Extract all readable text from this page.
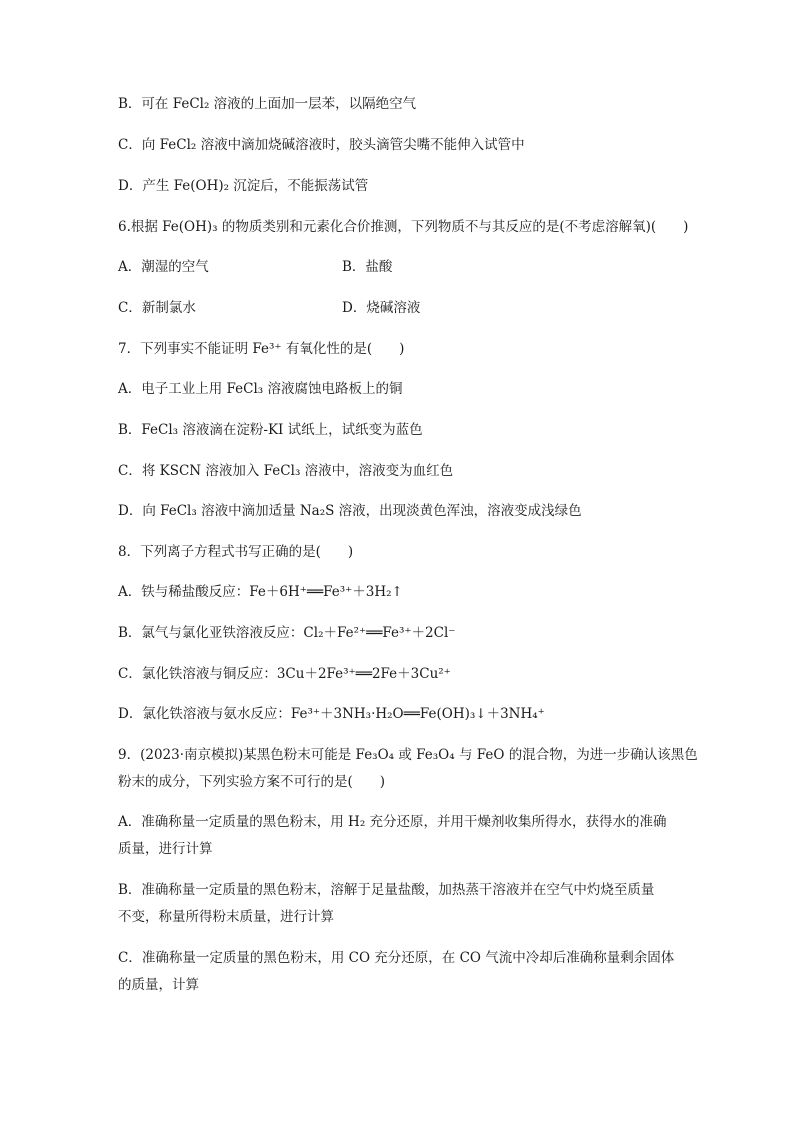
B．可在 FeCl₂ 溶液的上面加一层苯，以隔绝空气
C．向 FeCl₂ 溶液中滴加烧碱溶液时，胶头滴管尖嘴不能伸入试管中
D．产生 Fe(OH)₂ 沉淀后，不能振荡试管
6.根据 Fe(OH)₃ 的物质类别和元素化合价推测，下列物质不与其反应的是(不考虑溶解氧)(　　)
A．潮湿的空气	B．盐酸
C．新制氯水	D．烧碱溶液
7．下列事实不能证明 Fe³⁺ 有氧化性的是(　　)
A．电子工业上用 FeCl₃ 溶液腐蚀电路板上的铜
B．FeCl₃ 溶液滴在淀粉-KI 试纸上，试纸变为蓝色
C．将 KSCN 溶液加入 FeCl₃ 溶液中，溶液变为血红色
D．向 FeCl₃ 溶液中滴加适量 Na₂S 溶液，出现淡黄色浑浊，溶液变成浅绿色
8．下列离子方程式书写正确的是(　　)
A．铁与稀盐酸反应：Fe＋6H⁺══Fe³⁺＋3H₂↑
B．氯气与氯化亚铁溶液反应：Cl₂＋Fe²⁺══Fe³⁺＋2Cl⁻
C．氯化铁溶液与铜反应：3Cu＋2Fe³⁺══2Fe＋3Cu²⁺
D．氯化铁溶液与氨水反应：Fe³⁺＋3NH₃·H₂O══Fe(OH)₃↓＋3NH₄⁺
9．(2023·南京模拟)某黑色粉末可能是 Fe₃O₄ 或 Fe₃O₄ 与 FeO 的混合物，为进一步确认该黑色
粉末的成分，下列实验方案不可行的是(　　)
A．准确称量一定质量的黑色粉末，用 H₂ 充分还原，并用干燥剂收集所得水，获得水的准确
质量，进行计算
B．准确称量一定质量的黑色粉末，溶解于足量盐酸，加热蒸干溶液并在空气中灼烧至质量
不变，称量所得粉末质量，进行计算
C．准确称量一定质量的黑色粉末，用 CO 充分还原，在 CO 气流中冷却后准确称量剩余固体
的质量，计算
